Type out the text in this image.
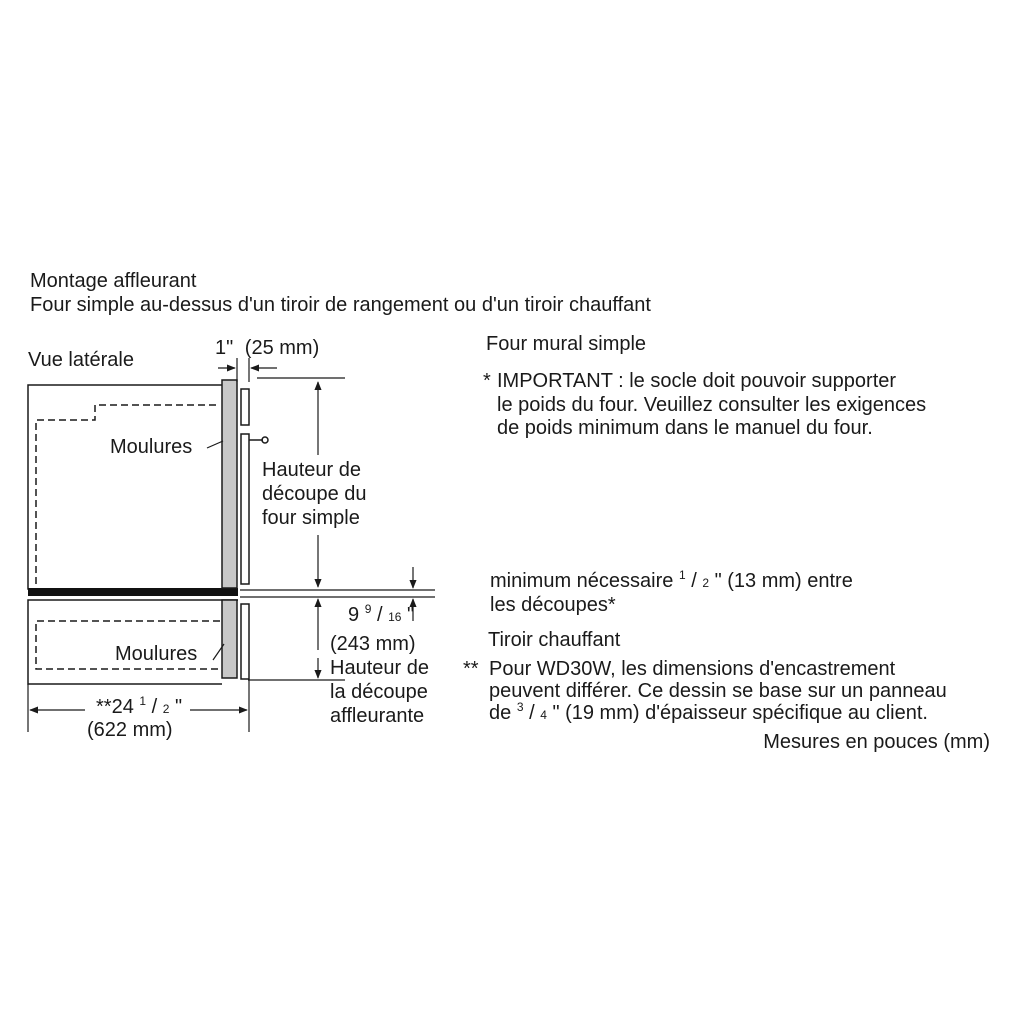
Montage affleurant
Four simple au-dessus d'un tiroir de rangement ou d'un tiroir chauffant
Vue latérale
1" (25 mm)
Moulures
Moulures
Hauteur de
découpe du
four simple
9 $^9$ / 16 "
(243 mm)
Hauteur de
la découpe
affleurante
**24 $^1$ / 2 "
(622 mm)
Four mural simple
* IMPORTANT : le socle doit pouvoir supporter
le poids du four. Veuillez consulter les exigences
de poids minimum dans le manuel du four.
minimum nécessaire $^1$ / 2 " (13 mm) entre
les découpes*
Tiroir chauffant
** Pour WD30W, les dimensions d'encastrement
peuvent différer. Ce dessin se base sur un panneau
de $^3$ / 4 " (19 mm) d'épaisseur spécifique au client.
Mesures en pouces (mm)
